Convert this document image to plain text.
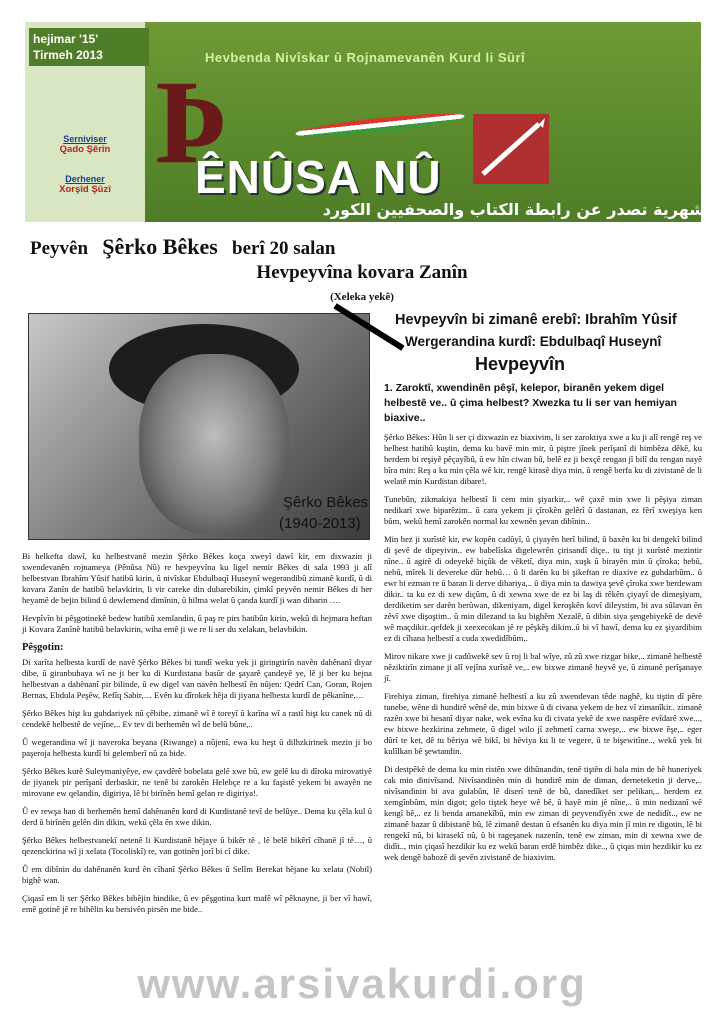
hejimar '15'
Tirmeh 2013
Serniviser
Qado Şêrîn
Derhener
Xorşîd Şûzî
Hevbenda Nivîskar û Rojnamevanên Kurd li Sûrî
Þ
ÊNÛSA NÛ
شهرية تصدر عن رابطة الكتاب والصحفيين الكورد
في سوريا
Peyvên Şêrko Bêkes berî 20 salan
Hevpeyvîna kovara Zanîn
(Xeleka yekê)
Şêrko Bêkes
(1940-2013)
Hevpeyvîn bi zimanê erebî: Ibrahîm Yûsif
Wergerandina kurdî: Ebdulbaqî Huseynî
Hevpeyvîn
1. Zaroktî, xwendinên pêşî, kelepor, biranên yekem digel helbestê ve.. û çima helbest? Xwezka tu li ser van hemiyan biaxive..

Bi helkefta dawî, ku helbestvanê mezin Şêrko Bêkes koça xweyî dawî kir, em dixwazin ji xwendevanên rojnameya (Pênûsa Nû) re hevpeyvîna ku ligel nemir Bêkes di sala 1993 ji alî helbestvan Ibrahîm Yûsif hatibû kirin, û nivîskar Ebdulbaqî Huseynî wegerandibû zimanê kurdî, û di kovara Zanîn de hatibû belavkirin, li vir careke din dubarebikin, çimkî peyvên nemir Bêkes di her heyamê de bejin bilind û dewlemend dimînin, û hilma welat û çanda kurdî ji wan dibarin ….

Hevpîvîn bi pêşgotinekê bedew hatibû xemlandin, û paş re pirs hatibûn kirin, wekû di hejmara heftan ji Kovara Zanînê hatibû belavkirin, wiha emê ji we re li ser du xelakan, belavbikin.

Pêşgotin:

Di xarîta helbesta kurdî de navê Şêrko Bêkes bi tundî weku yek ji giringtirîn navên dahênanî diyar dibe, û giranbuhaya wî ne ji ber ku di Kurdistana basûr de şayarê çandeyê ye, lê ji ber ku bejna helbestvan a dahênanî pir bilinde, û ew digel van navên helbestî ên nûjen: Qedrî Can, Goran, Rojen Bernas, Ebdula Peşêw, Refîq Sabir,… Evên ku dîrokek hêja di jiyana helbesta kurdî de pêkanîne,…

Şêrko Bêkes hişt ku guhdariyek nû çêbibe, zimanê wî ê toreyî û karîna wî a rastî hişt ku canek nû di cendekê helbestê de vejîne,.. Ev tev di berhemên wî de belû bûne,..

Û wegerandina wî ji naveroka beyana (Riwange) a nûjenî, ewa ku heşt û dilhzkirinek mezin ji bo paşeroja helbesta kurdî bi gelemberî nû za bide.

Şêrko Bêkes kurê Suleymaniyêye, ew çavdêrê bobelata gelê xwe bû, ew gelê ku di dîroka mirovatiyê de jiyanek pir perîşanî derbaskir, ne tenê bi zarokên Helebçe re a ku faşistê yekem bi awayên ne mirovane ew qelandin, digiriya, lê bi birînên hemî gelan re digiriya!.

Û ev rewşa han di berhemên hemî dahênanên kurd di Kurdistanê tevî de belûye.. Dema ku çêla kul û derd û birînên gelên din dikin, wekû çêla ên xwe dikin.

Şêrko Bêkes helbestvanekî netenê li Kurdistanê hêjaye û bikêr tê , lê belê bikêrî cîhanê jî tê…, û qezenckirina wî ji xelata (Tocoliskî) re, van gotinên jorî bi cî dike.

Û em dibînin du dahênanên kurd ên cîhanî Şêrko Bêkes û Selîm Berekat hêjane ku xelata (Nobil) bighê wan.

Çiqasî em li ser Şêrko Bêkes bibêjin hindike, û ev pêşgotina kurt mafê wî pêknayne, ji ber vî hawî, emê gotinê jê re bihêlin ku bersivên pirsên me bide..

Şêrko Bêkes: Hûn li ser çi dixwazin ez biaxivim, li ser zaroktiya xwe a ku ji alî rengê reş ve helbest hatibû kuştin, dema ku bavê min mir, û piştre jînek perîşanî di himbêza dêkê, ku herdem bi reşiyê pêçayîbû, û ew hîn ciwan bû, belê ez ji bexçê rengan jî bilî du rengan nayê bîra min: Reş a ku min çêla wê kir, rengê kirasê diya min, û rengê berfa ku di zivistanê de li welatê min Kurdistan dibare!.

Tunebûn, zikmakiya helbestî li cem min şiyarkir,.. wê çaxê min xwe li pêşiya ziman nedikarî xwe biparêzim.. û cara yekem ji çîrokên gelêrî û dastanan, ez fêrî xweşiya ken bûm, wekû hemî zarokên normal ku xewnên şevan dibînin..

Min hez ji xurîstê kir, ew kopên cadûyî, û çiyayên herî bilind, û baxên ku bi dengekî bilind di şevê de dipeyivin.. ew babelîska digelewrên çirisandî diçe.. tu tişt ji xurîstê mezintir nîne.. û agirê di odeyekê biçûk de vêketî, diya min, xuşk û birayên min û çîroka; hebû, nebû, mîrek li devereke dûr hebû… û li darên ku bi şikeftan re diaxive ez guhdarbûm.. û ewr bi ezman re û baran li derve dibariya,.. û diya min ta dawiya şevê çîroka xwe berdewam dikir.. ta ku ez di xew diçûm, û di xewna xwe de ez bi laş di rêkên çiyayî de dimeşiyam, derdiketim ser darên berûwan, dikeniyam, digel keroşkên kovî dileystim, bi ava sûlavan ên zêvî xwe dişoştim.. û min dilezand ta ku bighêm Xezalê, û dibin siya şengebiyekê de devê wê maçdikir..qefdek ji xeexecokan jê re pêşkêş dikim..û bi vî hawî, dema ku ez şiyardibim ez di cîhana helbestî a cuda xwedidîbûm,.

Mirov nikare xwe ji cadûwekê sev û roj li bal wîye, zû zû xwe rizgar bike,.. zimanê helbestê nêziktirîn zimane ji alî vejîna xurîstê ve,.. ew bixwe zimanê heyvê ye, û zimanê perîşanaye jî.

Firehiya ziman, firehiya zimanê helbestî a ku zû xwendevan têde naghê, ku tiştin dî pêre tunebe, wêne di hundirê wênê de, min bixwe û di civana yekem de hez vî zimanîkir.. zimanê razên xwe bi hesanî diyar nake, wek evîna ku di civata yekê de xwe naspêre evîdarê xwe..., ew bixwe hezkirina zehmete, û digel wilo jî zehmetî carna xweşe,.. ew bixwe êşe,.. eger dûrî te ket, dê tu bêriya wê bikî, bi hêviya ku li te vegere, û te bişewitîne.., wekû yek bi kulîlkan bê şewtandin.

Di destpêkê de dema ku min ristên xwe dihûnandin, tenê tiştên di bala min de bê huneriyek cak min dinivîsand. Nivîsandinên min di hundirê min de diman, derneteketin ji derve,.. nivîsandinin bi ava gulabûn, lê diserî tenê de bû, danedîket ser pelikan,.. herdem ez xemgînbûm, min digot; gelo tiştek heye wê bê, û hayê min jê nîne,.. û min nedizanî wê kengî bê,.. ez li benda amanekîbû, min ew ziman di peyvendîyên xwe de nedidît.., ew ne zimanê bazar û dibistanê bû, lê zimanê destan û efsanên ku diya min jî min re digotin, lê bi rengekî nû, bi kirasekî nû, û bi rageşanek nazenîn, tenê ew ziman, min di xewna xwe de didît.., min çiqasî hezdikir ku ez wekû baran erdê himbêz dike.., û çiqas min hezdikir ku ez wek dengê bahozê di şevên zivistanê de biaxivim.

www.arsivakurdi.org
